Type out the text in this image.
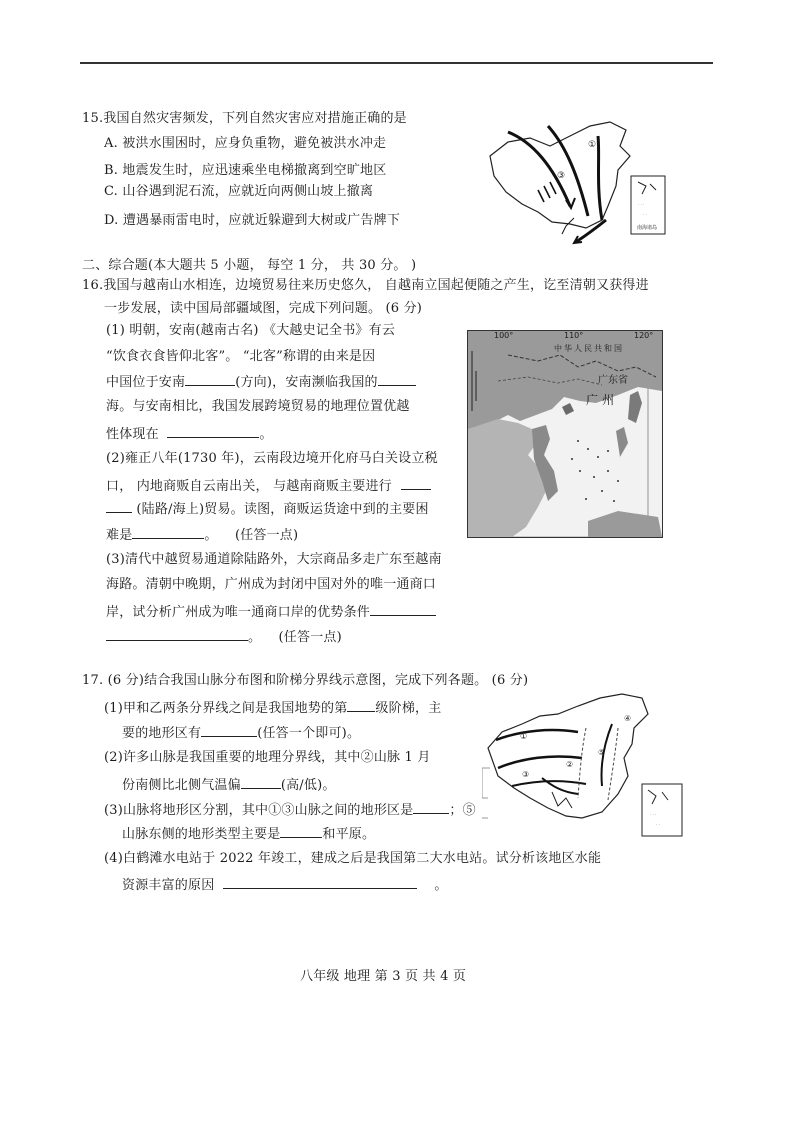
15.我国自然灾害频发，下列自然灾害应对措施正确的是
A. 被洪水围困时，应身负重物，避免被洪水冲走
B. 地震发生时，应迅速乘坐电梯撤离到空旷地区
C. 山谷遇到泥石流，应就近向两侧山坡上撤离
D. 遭遇暴雨雷电时，应就近躲避到大树或广告牌下
· · ·
· ·
①
③
南海诸岛
二、综合题(本大题共 5 小题， 每空 1 分， 共 30 分。 )
16.我国与越南山水相连，边境贸易往来历史悠久， 自越南立国起便随之产生，讫至清朝又获得进
一步发展，读中国局部疆域图，完成下列问题。 (6 分)
(1) 明朝，安南(越南古名) 《大越史记全书》有云
“饮食衣食皆仰北客”。 “北客”称谓的由来是因
中国位于安南	(方向)，安南濒临我国的
海。与安南相比，我国发展跨境贸易的地理位置优越
性体现在	。
(2)雍正八年(1730 年)，云南段边境开化府马白关设立税
口， 内地商贩自云南出关， 与越南商贩主要进行
(陆路/海上)贸易。读图，商贩运货途中到的主要困
难是	。    (任答一点)
(3)清代中越贸易通道除陆路外，大宗商品多走广东至越南
海路。清朝中晚期，广州成为封闭中国对外的唯一通商口
岸，试分析广州成为唯一通商口岸的优势条件
。    (任答一点)
100°	110°	120°
中华人民共和国
广东省
广州
17. (6 分)结合我国山脉分布图和阶梯分界线示意图，完成下列各题。 (6 分)
(1)甲和乙两条分界线之间是我国地势的第 级阶梯，主
要的地形区有	(任答一个即可)。
(2)许多山脉是我国重要的地理分界线，其中②山脉 1 月
份南侧比北侧气温偏	(高/低)。
(3)山脉将地形区分割，其中①③山脉之间的地形区是	；⑤
山脉东侧的地形类型主要是	和平原。
(4)白鹤滩水电站于 2022 年竣工，建成之后是我国第二大水电站。试分析该地区水能
资源丰富的原因	。
· · ·
· ·
①
②
③
④
⑤
八年级 地理 第 3 页 共 4 页
